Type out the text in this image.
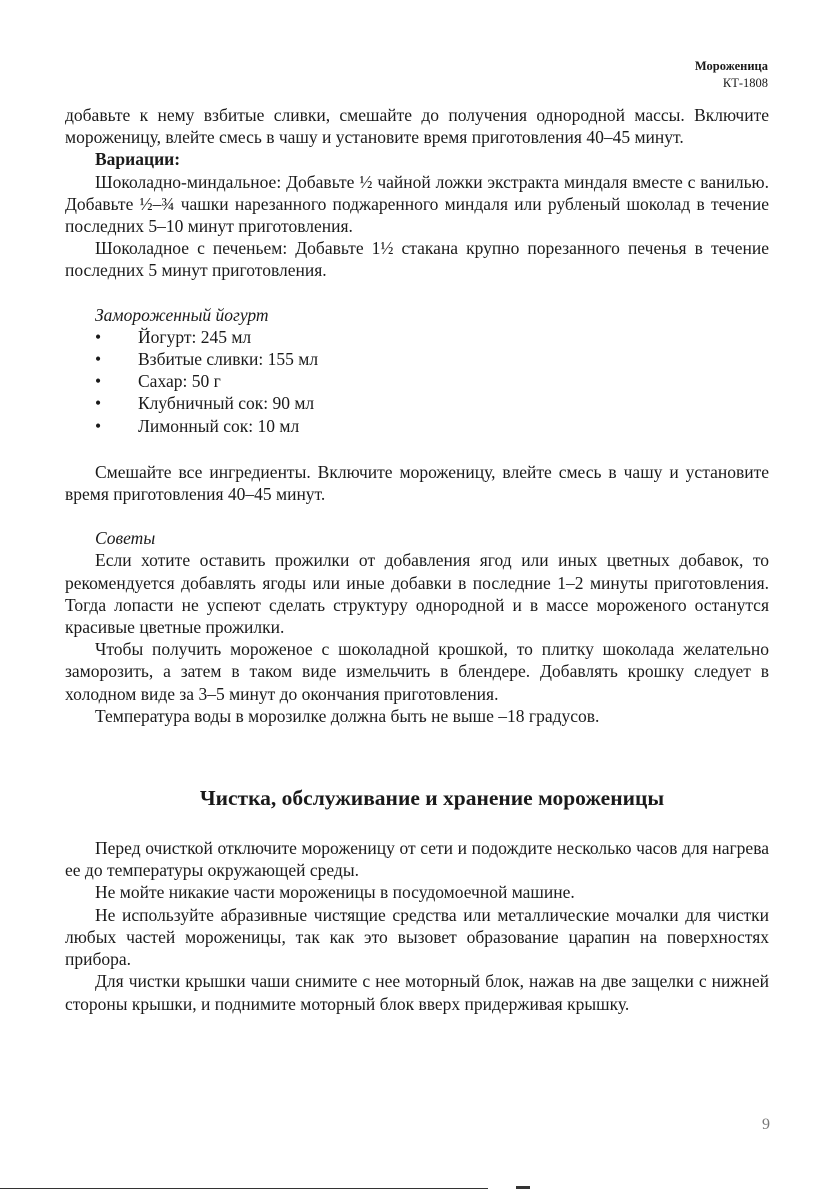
Мороженица
КТ-1808

добавьте к нему взбитые сливки, смешайте до получения однородной массы. Включите мороженицу, влейте смесь в чашу и установите время приготовления 40–45 минут.

Вариации:

Шоколадно-миндальное: Добавьте ½ чайной ложки экстракта миндаля вместе с ванилью. Добавьте ½–¾ чашки нарезанного поджаренного миндаля или рубленый шоколад в течение последних 5–10 минут приготовления.

Шоколадное с печеньем: Добавьте 1½ стакана крупно порезанного печенья в течение последних 5 минут приготовления.

Замороженный йогурт

• Йогурт: 245 мл
• Взбитые сливки: 155 мл
• Сахар: 50 г
• Клубничный сок: 90 мл
• Лимонный сок: 10 мл

Смешайте все ингредиенты. Включите мороженицу, влейте смесь в чашу и установите время приготовления 40–45 минут.

Советы

Если хотите оставить прожилки от добавления ягод или иных цветных добавок, то рекомендуется добавлять ягоды или иные добавки в последние 1–2 минуты приготовления. Тогда лопасти не успеют сделать структуру однородной и в массе мороженого останутся красивые цветные прожилки.

Чтобы получить мороженое с шоколадной крошкой, то плитку шоколада желательно заморозить, а затем в таком виде измельчить в блендере. Добавлять крошку следует в холодном виде за 3–5 минут до окончания приготовления.

Температура воды в морозилке должна быть не выше –18 градусов.

Чистка, обслуживание и хранение мороженицы

Перед очисткой отключите мороженицу от сети и подождите несколько часов для нагрева ее до температуры окружающей среды.

Не мойте никакие части мороженицы в посудомоечной машине.

Не используйте абразивные чистящие средства или металлические мочалки для чистки любых частей мороженицы, так как это вызовет образование царапин на поверхностях прибора.

Для чистки крышки чаши снимите с нее моторный блок, нажав на две защелки с нижней стороны крышки, и поднимите моторный блок вверх придерживая крышку.

9
